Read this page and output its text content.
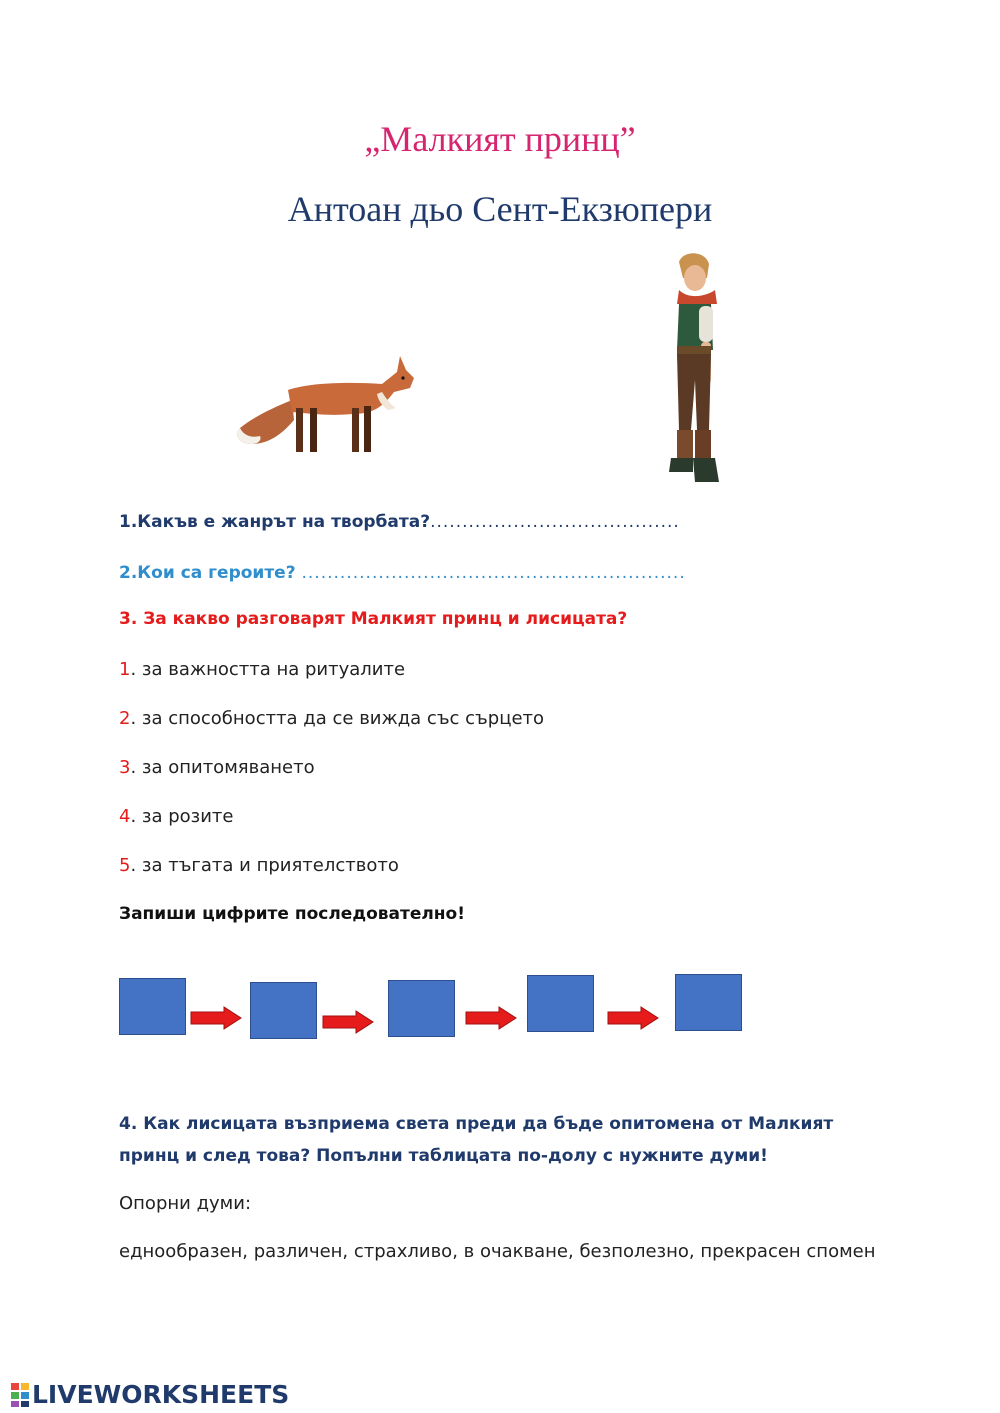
„Малкият принц”
Антоан дьо Сент-Екзюпери
1.Какъв е жанрът на творбата?.......................................
2.Кои са героите? ............................................................
3. За какво разговарят Малкият принц и лисицата?
1. за важността на ритуалите
2. за способността да се вижда със сърцето
3. за опитомяването
4. за розите
5. за тъгата и приятелството
Запиши цифрите последователно!
4. Как лисицата възприема света преди да бъде опитомена от Малкият принц и след това? Попълни таблицата по-долу с нужните думи!
Опорни думи:
еднообразен, различен, страхливо, в очакване, безполезно, прекрасен спомен
LIVEWORKSHEETS
